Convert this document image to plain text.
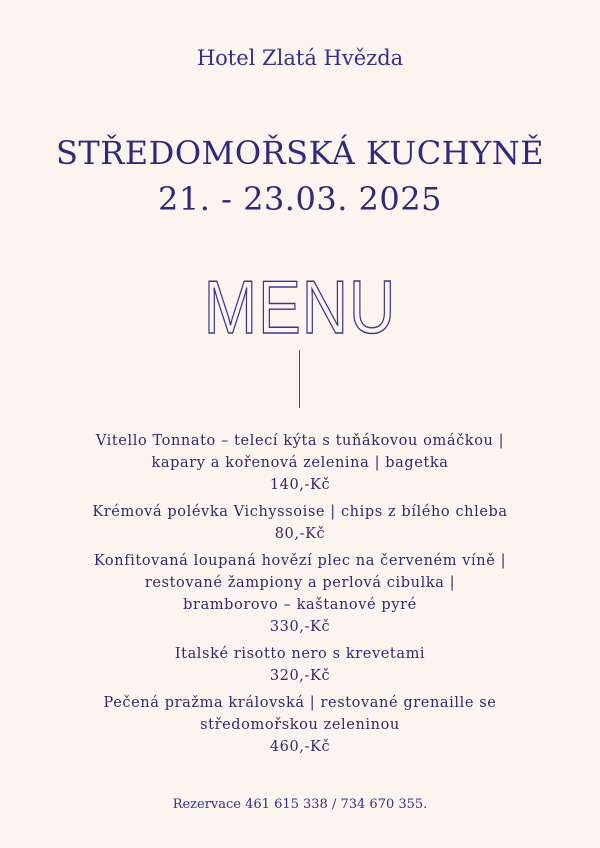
Hotel Zlatá Hvězda
STŘEDOMOŘSKÁ KUCHYNĚ
21. - 23.03. 2025
MENU
Vitello Tonnato – telecí kýta s tuňákovou omáčkou |
kapary a kořenová zelenina | bagetka
140,-Kč
Krémová polévka Vichyssoise | chips z bílého chleba
80,-Kč
Konfitovaná loupaná hovězí plec na červeném víně |
restované žampiony a perlová cibulka |
bramborovo – kaštanové pyré
330,-Kč
Italské risotto nero s krevetami
320,-Kč
Pečená pražma královská | restované grenaille se
středomořskou zeleninou
460,-Kč
Rezervace 461 615 338 / 734 670 355.
